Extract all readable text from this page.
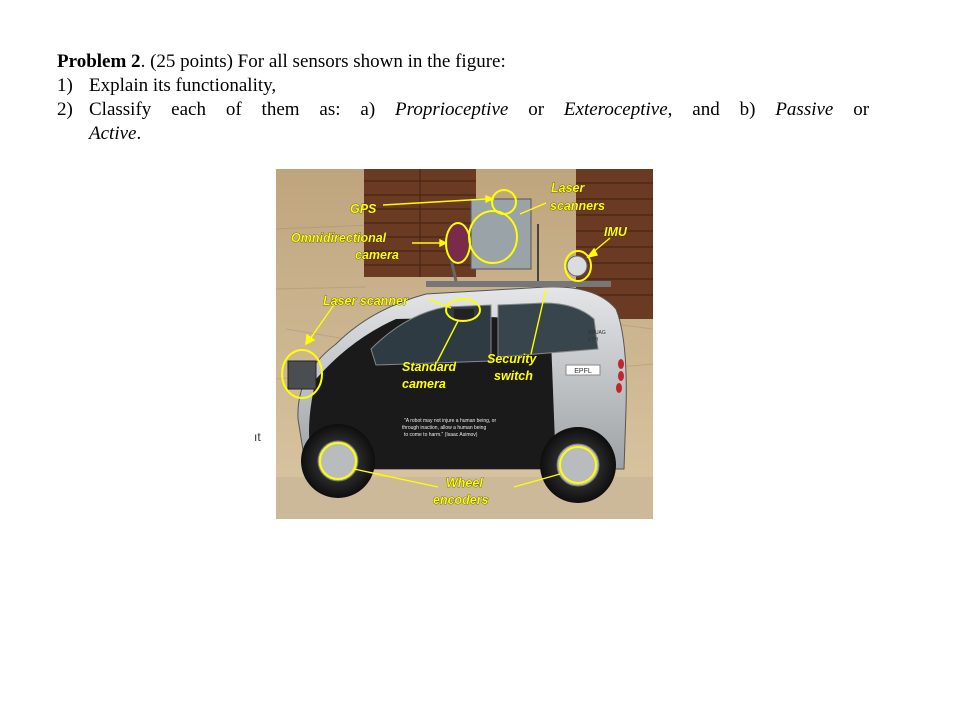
Problem 2. (25 points) For all sensors shown in the figure:

1) Explain its functionality,

2) Classify each of them as: a) Proprioceptive or Exteroceptive, and b) Passive or

Active.

ıt
EPFL
BRUAG
ETH
"A robot may not injure a human being, or
through inaction, allow a human being
to come to harm." (Isaac Asimov)
GPS
Omnidirectional
camera
Laser
scanners
IMU
Laser scanner
Standard
camera
Security
switch
Wheel
encoders
